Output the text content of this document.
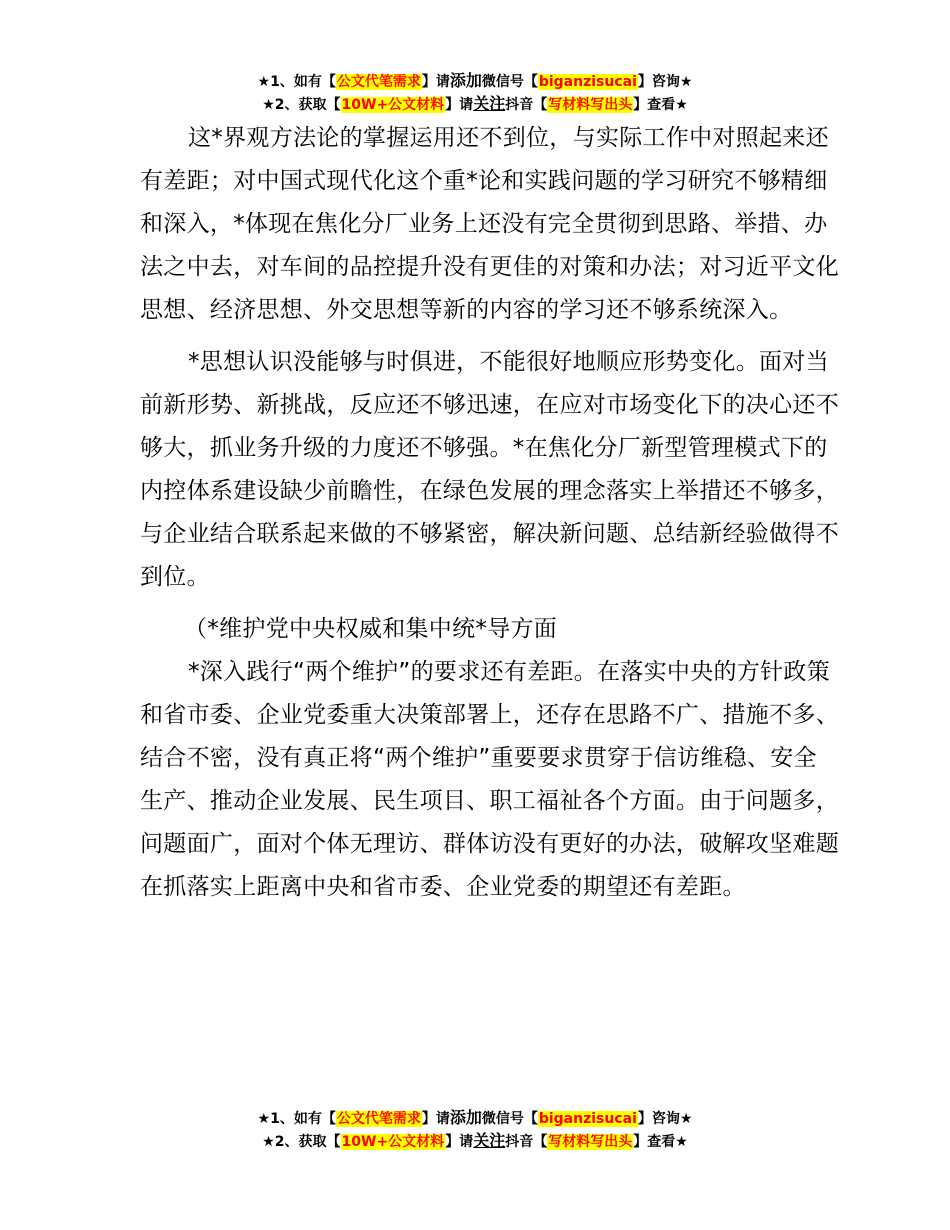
★1、如有【公文代笔需求】请添加微信号【biganzisucai】咨询★
★2、获取【10W+公文材料】请关注抖音【写材料写出头】查看★

这*界观方法论的掌握运用还不到位，与实际工作中对照起来还有差距；对中国式现代化这个重*论和实践问题的学习研究不够精细和深入，*体现在焦化分厂业务上还没有完全贯彻到思路、举措、办法之中去，对车间的品控提升没有更佳的对策和办法；对习近平文化思想、经济思想、外交思想等新的内容的学习还不够系统深入。

*思想认识没能够与时俱进，不能很好地顺应形势变化。面对当前新形势、新挑战，反应还不够迅速，在应对市场变化下的决心还不够大，抓业务升级的力度还不够强。*在焦化分厂新型管理模式下的内控体系建设缺少前瞻性，在绿色发展的理念落实上举措还不够多，与企业结合联系起来做的不够紧密，解决新问题、总结新经验做得不到位。

（*维护党中央权威和集中统*导方面

*深入践行“两个维护”的要求还有差距。在落实中央的方针政策和省市委、企业党委重大决策部署上，还存在思路不广、措施不多、结合不密，没有真正将“两个维护”重要要求贯穿于信访维稳、安全生产、推动企业发展、民生项目、职工福祉各个方面。由于问题多，问题面广，面对个体无理访、群体访没有更好的办法，破解攻坚难题在抓落实上距离中央和省市委、企业党委的期望还有差距。

★1、如有【公文代笔需求】请添加微信号【biganzisucai】咨询★
★2、获取【10W+公文材料】请关注抖音【写材料写出头】查看★
